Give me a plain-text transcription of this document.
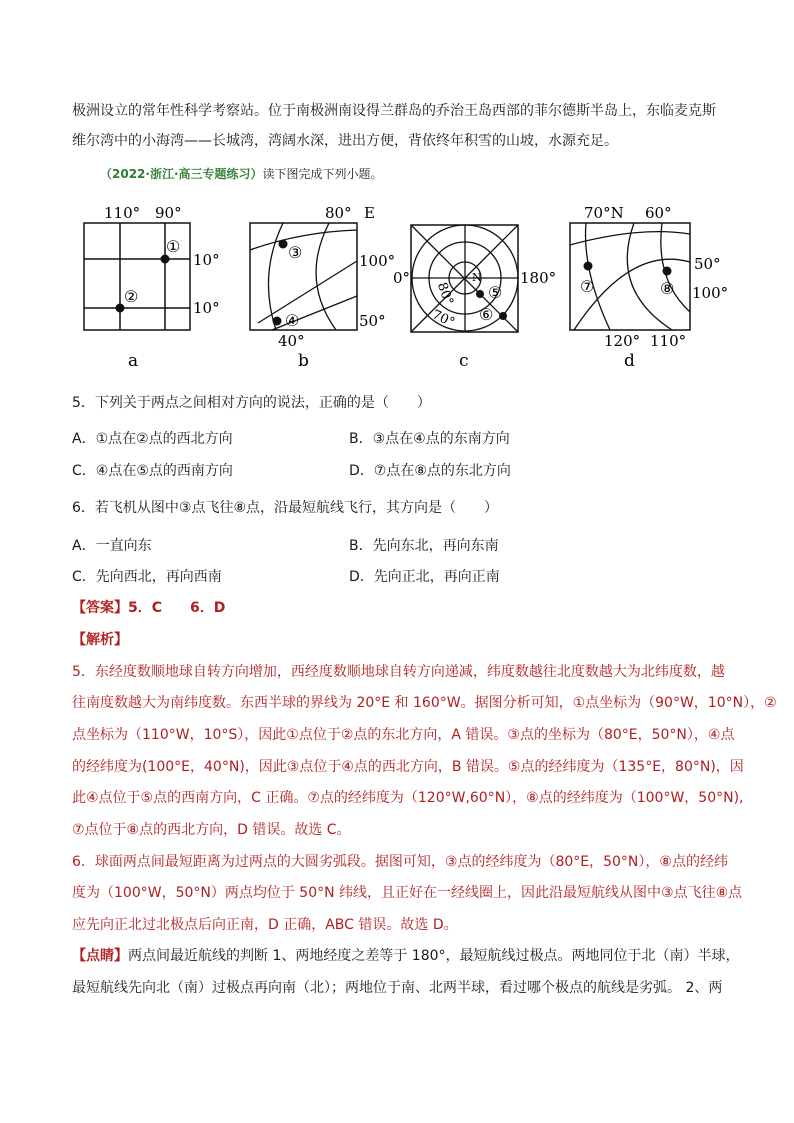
极洲设立的常年性科学考察站。位于南极洲南设得兰群岛的乔治王岛西部的菲尔德斯半岛上，东临麦克斯
维尔湾中的小海湾——长城湾，湾阔水深，进出方便，背依终年积雪的山坡，水源充足。
（2022·浙江·高三专题练习）读下图完成下列小题。
110° 90°
10°
10°
①
②
a
80° E
100°
50°
40°
③
④
b
0°	180°
80°
70°
N
⑤
⑥
c
70°N 60°
50°
100°
120° 110°
⑦	⑧
d
5．下列关于两点之间相对方向的说法，正确的是（　　）
A．①点在②点的西北方向	B．③点在④点的东南方向
C．④点在⑤点的西南方向	D．⑦点在⑧点的东北方向
6．若飞机从图中③点飞往⑧点，沿最短航线飞行，其方向是（　　）
A．一直向东	B．先向东北，再向东南
C．先向西北，再向西南	D．先向正北，再向正南
【答案】5．C　　6．D
【解析】
5．东经度数顺地球自转方向增加，西经度数顺地球自转方向递减，纬度数越往北度数越大为北纬度数，越
往南度数越大为南纬度数。东西半球的界线为 20°E 和 160°W。据图分析可知，①点坐标为（90°W，10°N），②
点坐标为（110°W，10°S），因此①点位于②点的东北方向，A 错误。③点的坐标为（80°E，50°N），④点
的经纬度为(100°E，40°N)，因此③点位于④点的西北方向，B 错误。⑤点的经纬度为（135°E，80°N)，因
此④点位于⑤点的西南方向，C 正确。⑦点的经纬度为（120°W,60°N），⑧点的经纬度为（100°W，50°N),
⑦点位于⑧点的西北方向，D 错误。故选 C。
6．球面两点间最短距离为过两点的大圆劣弧段。据图可知，③点的经纬度为（80°E，50°N），⑧点的经纬
度为（100°W，50°N）两点均位于 50°N 纬线，且正好在一经线圈上，因此沿最短航线从图中③点飞往⑧点
应先向正北过北极点后向正南，D 正确，ABC 错误。故选 D。
【点睛】两点间最近航线的判断 1、两地经度之差等于 180°，最短航线过极点。两地同位于北（南）半球，
最短航线先向北（南）过极点再向南（北）；两地位于南、北两半球，看过哪个极点的航线是劣弧。 2、两
